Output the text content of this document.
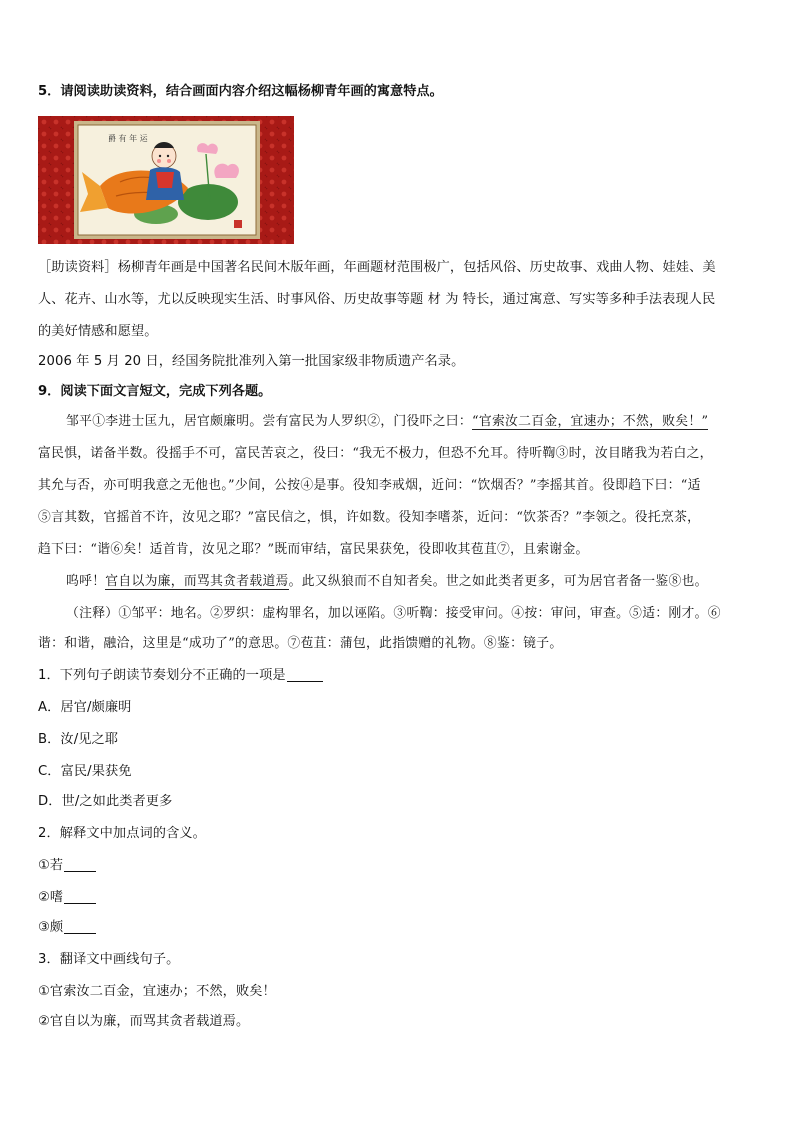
5．请阅读助读资料，结合画面内容介绍这幅杨柳青年画的寓意特点。
爵 有 年 运
［助读资料］杨柳青年画是中国著名民间木版年画，年画题材范围极广，包括风俗、历史故事、戏曲人物、娃娃、美
人、花卉、山水等，尤以反映现实生活、时事风俗、历史故事等题 材 为 特长，通过寓意、写实等多种手法表现人民
的美好情感和愿望。
2006 年 5 月 20 日，经国务院批准列入第一批国家级非物质遗产名录。
9．阅读下面文言短文，完成下列各题。
邹平①李进士匡九，居官颇廉明。尝有富民为人罗织②，门役吓之曰：“官索汝二百金，宜速办；不然，败矣！”
富民惧，诺备半数。役摇手不可，富民苦哀之，役曰：“我无不极力，但恐不允耳。待听鞫③时，汝目睹我为若白之，
其允与否，亦可明我意之无他也。”少间，公按④是事。役知李戒烟，近问：“饮烟否？”李摇其首。役即趋下曰：“适
⑤言其数，官摇首不许，汝见之耶？”富民信之，惧，许如数。役知李嗜茶，近问：“饮茶否？”李领之。役托烹茶，
趋下曰：“谐⑥矣！适首肯，汝见之耶？”既而审结，富民果获免，役即收其苞苴⑦，且索谢金。
呜呼！官自以为廉，而骂其贪者载道焉。此又纵狼而不自知者矣。世之如此类者更多，可为居官者备一鉴⑧也。
（注释）①邹平：地名。②罗织：虚构罪名，加以诬陷。③听鞫：接受审问。④按：审问，审查。⑤适：刚才。⑥
谐：和谐，融洽，这里是“成功了”的意思。⑦苞苴：蒲包，此指馈赠的礼物。⑧鉴：镜子。
1．下列句子朗读节奏划分不正确的一项是
A．居官/颇廉明
B．汝/见之耶
C．富民/果获免
D．世/之如此类者更多
2．解释文中加点词的含义。
①若
②嗜
③颇
3．翻译文中画线句子。
①官索汝二百金，宜速办；不然，败矣！
②官自以为廉，而骂其贪者载道焉。
